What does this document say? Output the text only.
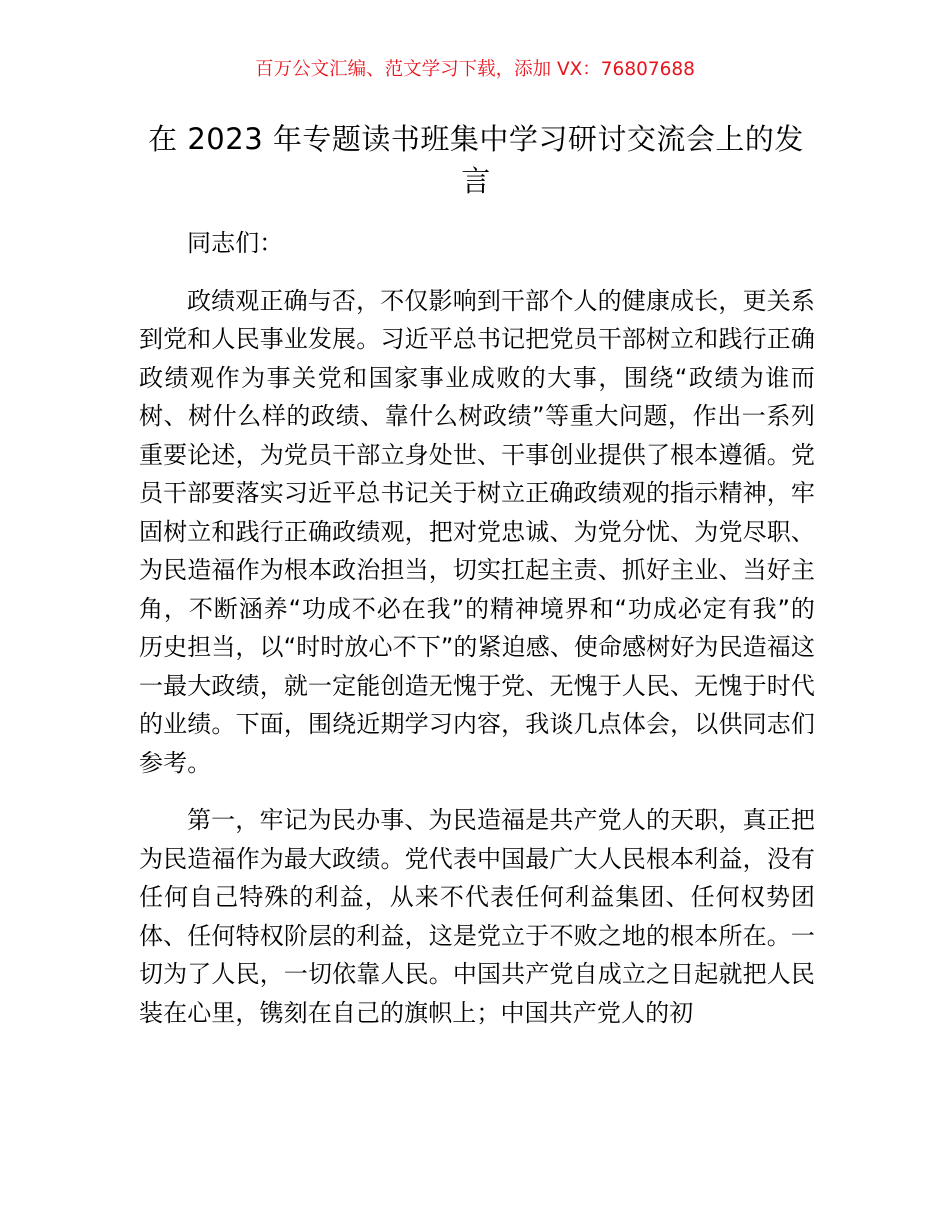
百万公文汇编、范文学习下载，添加 VX：76807688
在 2023 年专题读书班集中学习研讨交流会上的发言

同志们：

政绩观正确与否，不仅影响到干部个人的健康成长，更关系到党和人民事业发展。习近平总书记把党员干部树立和践行正确政绩观作为事关党和国家事业成败的大事，围绕“政绩为谁而树、树什么样的政绩、靠什么树政绩”等重大问题，作出一系列重要论述，为党员干部立身处世、干事创业提供了根本遵循。党员干部要落实习近平总书记关于树立正确政绩观的指示精神，牢固树立和践行正确政绩观，把对党忠诚、为党分忧、为党尽职、为民造福作为根本政治担当，切实扛起主责、抓好主业、当好主角，不断涵养“功成不必在我”的精神境界和“功成必定有我”的历史担当，以“时时放心不下”的紧迫感、使命感树好为民造福这一最大政绩，就一定能创造无愧于党、无愧于人民、无愧于时代的业绩。下面，围绕近期学习内容，我谈几点体会，以供同志们参考。

第一，牢记为民办事、为民造福是共产党人的天职，真正把为民造福作为最大政绩。党代表中国最广大人民根本利益，没有任何自己特殊的利益，从来不代表任何利益集团、任何权势团体、任何特权阶层的利益，这是党立于不败之地的根本所在。一切为了人民，一切依靠人民。中国共产党自成立之日起就把人民装在心里，镌刻在自己的旗帜上；中国共产党人的初
